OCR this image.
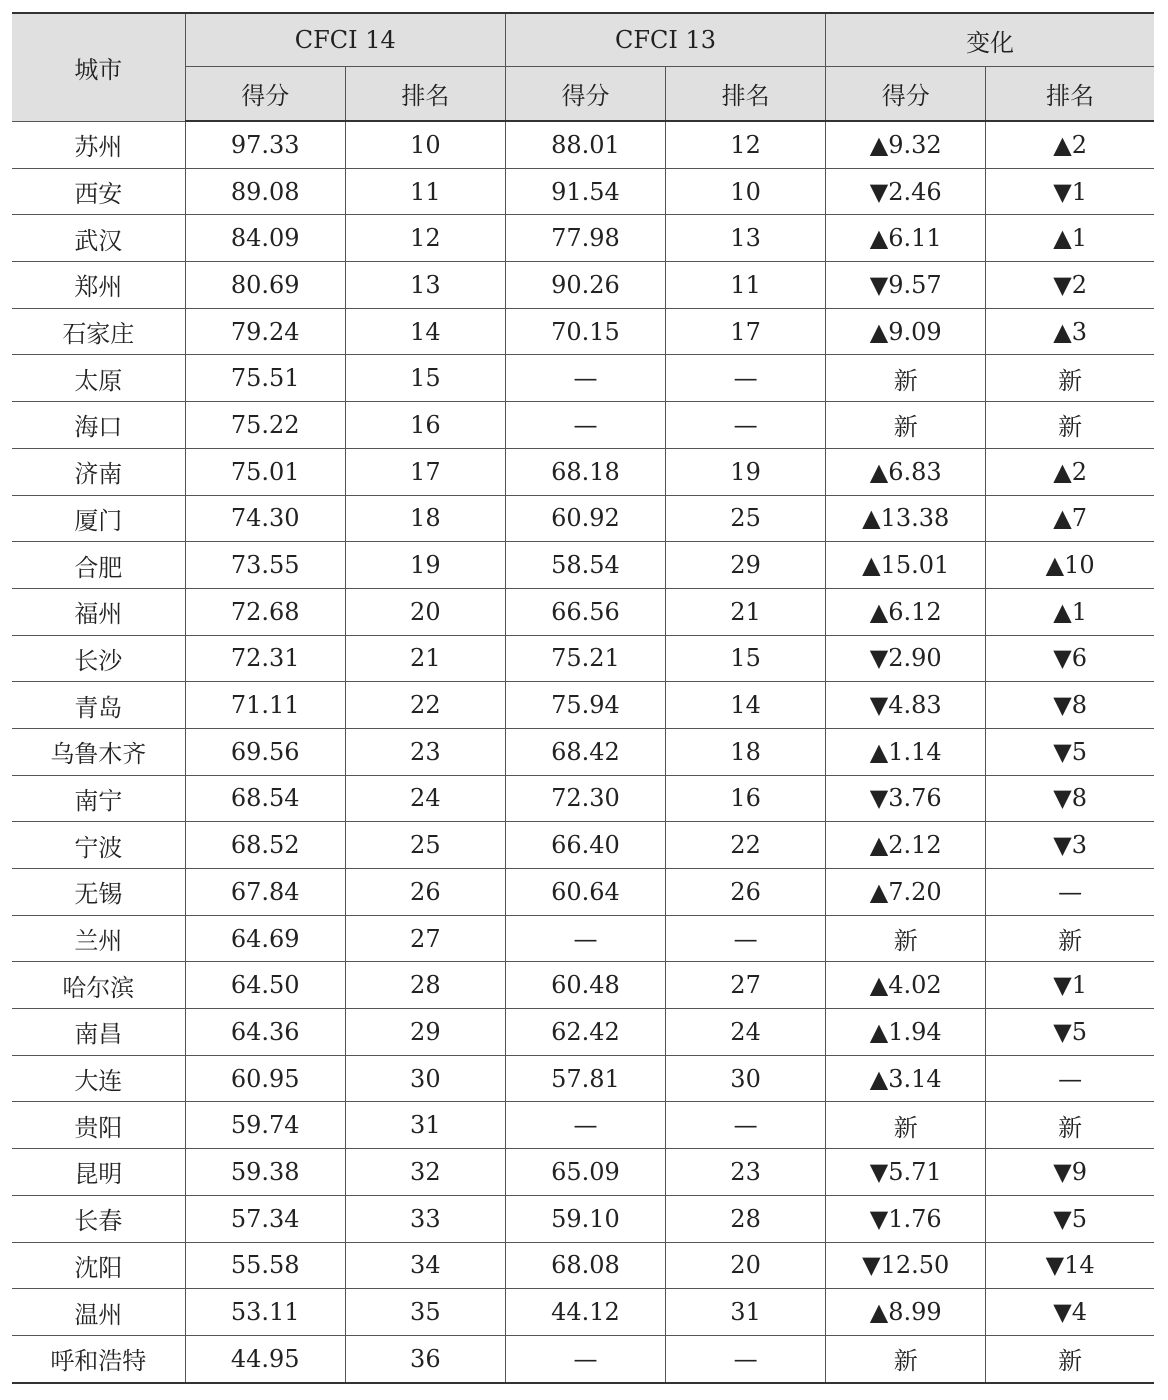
城市	CFCI 14		CFCI 13		变化	
	得分	排名	得分	排名	得分	排名
苏州	97.33	10	88.01	12	▲9.32	▲2
西安	89.08	11	91.54	10	▼2.46	▼1
武汉	84.09	12	77.98	13	▲6.11	▲1
郑州	80.69	13	90.26	11	▼9.57	▼2
石家庄	79.24	14	70.15	17	▲9.09	▲3
太原	75.51	15	—	—	新	新
海口	75.22	16	—	—	新	新
济南	75.01	17	68.18	19	▲6.83	▲2
厦门	74.30	18	60.92	25	▲13.38	▲7
合肥	73.55	19	58.54	29	▲15.01	▲10
福州	72.68	20	66.56	21	▲6.12	▲1
长沙	72.31	21	75.21	15	▼2.90	▼6
青岛	71.11	22	75.94	14	▼4.83	▼8
乌鲁木齐	69.56	23	68.42	18	▲1.14	▼5
南宁	68.54	24	72.30	16	▼3.76	▼8
宁波	68.52	25	66.40	22	▲2.12	▼3
无锡	67.84	26	60.64	26	▲7.20	—
兰州	64.69	27	—	—	新	新
哈尔滨	64.50	28	60.48	27	▲4.02	▼1
南昌	64.36	29	62.42	24	▲1.94	▼5
大连	60.95	30	57.81	30	▲3.14	—
贵阳	59.74	31	—	—	新	新
昆明	59.38	32	65.09	23	▼5.71	▼9
长春	57.34	33	59.10	28	▼1.76	▼5
沈阳	55.58	34	68.08	20	▼12.50	▼14
温州	53.11	35	44.12	31	▲8.99	▼4
呼和浩特	44.95	36	—	—	新	新
